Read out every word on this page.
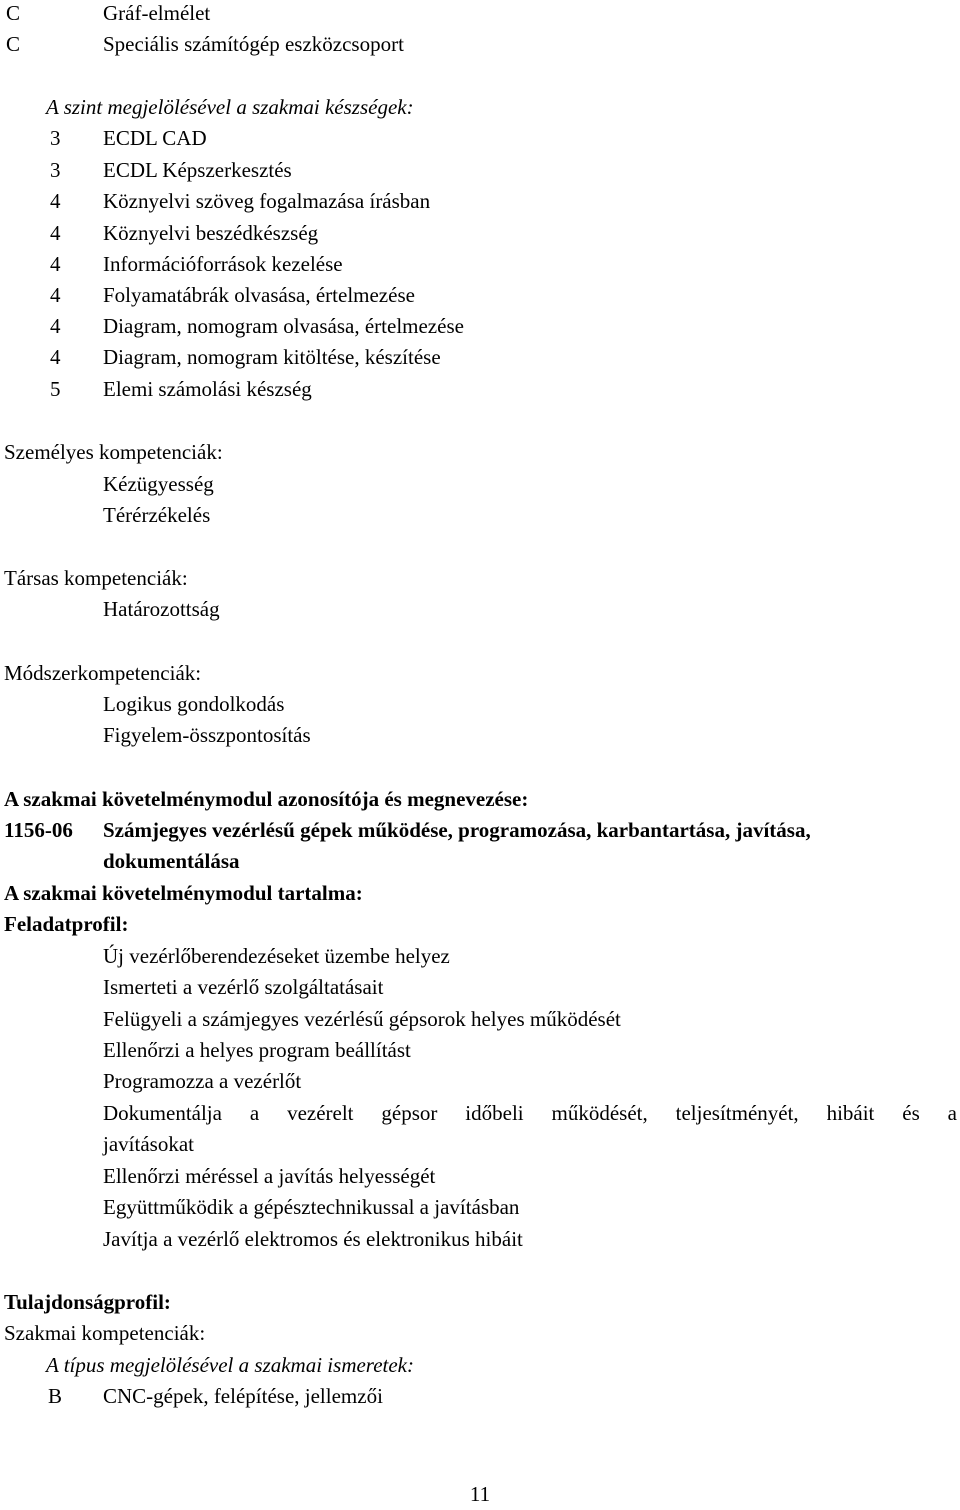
C	Gráf-elmélet
C	Speciális számítógép eszközcsoport
A szint megjelölésével a szakmai készségek:
3 ECDL CAD
3 ECDL Képszerkesztés
4 Köznyelvi szöveg fogalmazása írásban
4 Köznyelvi beszédkészség
4 Információforrások kezelése
4 Folyamatábrák olvasása, értelmezése
4 Diagram, nomogram olvasása, értelmezése
4 Diagram, nomogram kitöltése, készítése
5 Elemi számolási készség
Személyes kompetenciák:
Kézügyesség
Térérzékelés
Társas kompetenciák:
Határozottság
Módszerkompetenciák:
Logikus gondolkodás
Figyelem-összpontosítás
A szakmai követelménymodul azonosítója és megnevezése:
1156-06 Számjegyes vezérlésű gépek működése, programozása, karbantartása, javítása,
dokumentálása
A szakmai követelménymodul tartalma:
Feladatprofil:
Új vezérlőberendezéseket üzembe helyez
Ismerteti a vezérlő szolgáltatásait
Felügyeli a számjegyes vezérlésű gépsorok helyes működését
Ellenőrzi a helyes program beállítást
Programozza a vezérlőt
Dokumentálja a vezérelt gépsor időbeli működését, teljesítményét, hibáit és a
javításokat
Ellenőrzi méréssel a javítás helyességét
Együttműködik a gépésztechnikussal a javításban
Javítja a vezérlő elektromos és elektronikus hibáit
Tulajdonságprofil:
Szakmai kompetenciák:
A típus megjelölésével a szakmai ismeretek:
B CNC-gépek, felépítése, jellemzői
11
